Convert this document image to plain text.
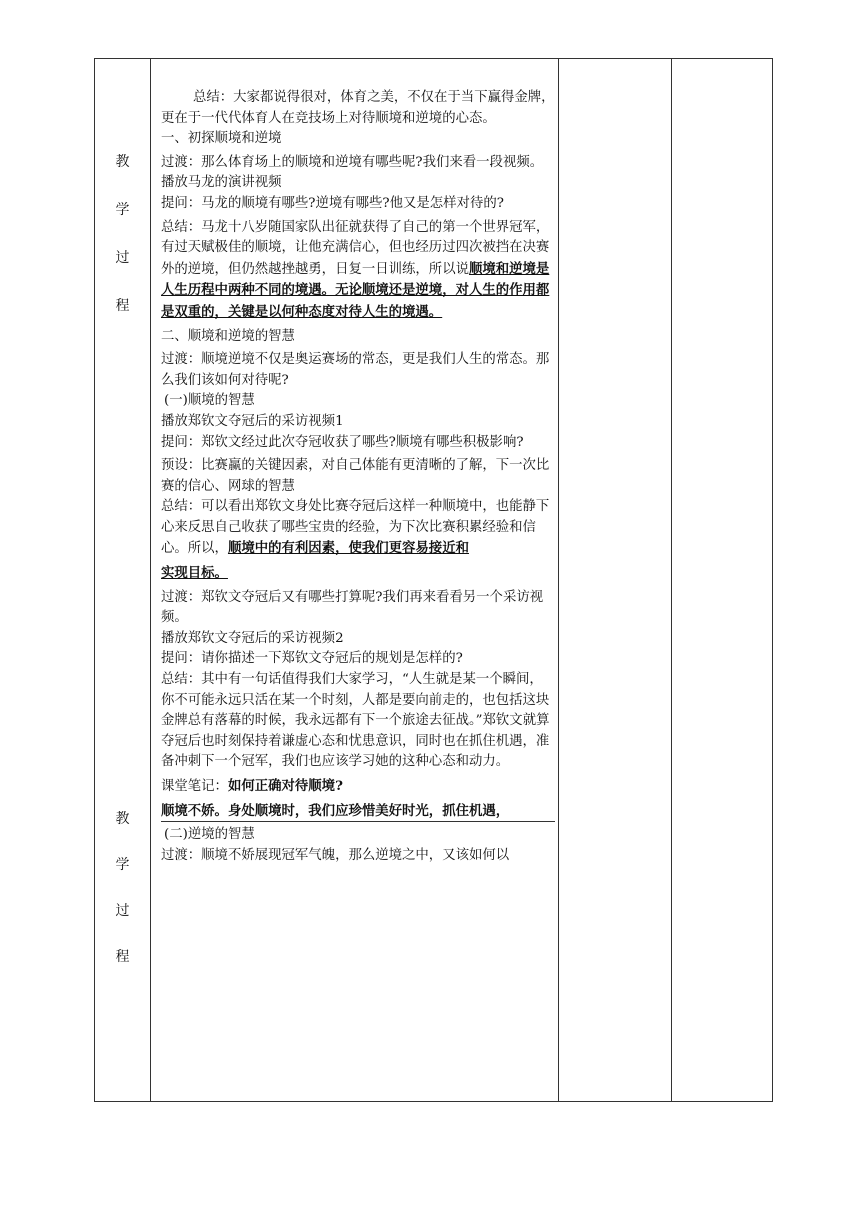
教
学
过
程
教
学
过
程

总结：大家都说得很对，体育之美，不仅在于当下赢得金牌，更在于一代代体育人在竞技场上对待顺境和逆境的心态。

一、初探顺境和逆境

过渡：那么体育场上的顺境和逆境有哪些呢?我们来看一段视频。

播放马龙的演讲视频

提问：马龙的顺境有哪些?逆境有哪些?他又是怎样对待的?

总结：马龙十八岁随国家队出征就获得了自己的第一个世界冠军，有过天赋极佳的顺境，让他充满信心，但也经历过四次被挡在决赛外的逆境，但仍然越挫越勇，日复一日训练，所以说顺境和逆境是人生历程中两种不同的境遇。无论顺境还是逆境，对人生的作用都是双重的，关键是以何种态度对待人生的境遇。

二、顺境和逆境的智慧

过渡：顺境逆境不仅是奥运赛场的常态，更是我们人生的常态。那么我们该如何对待呢?

(一)顺境的智慧

播放郑钦文夺冠后的采访视频1

提问：郑钦文经过此次夺冠收获了哪些?顺境有哪些积极影响?

预设：比赛赢的关键因素，对自己体能有更清晰的了解，下一次比赛的信心、网球的智慧

总结：可以看出郑钦文身处比赛夺冠后这样一种顺境中，也能静下心来反思自己收获了哪些宝贵的经验，为下次比赛积累经验和信心。所以，顺境中的有利因素，使我们更容易接近和

实现目标。

过渡：郑钦文夺冠后又有哪些打算呢?我们再来看看另一个采访视频。

播放郑钦文夺冠后的采访视频2

提问：请你描述一下郑钦文夺冠后的规划是怎样的?

总结：其中有一句话值得我们大家学习，“人生就是某一个瞬间，你不可能永远只活在某一个时刻，人都是要向前走的，也包括这块金牌总有落幕的时候，我永远都有下一个旅途去征战。”郑钦文就算夺冠后也时刻保持着谦虚心态和忧患意识，同时也在抓住机遇，准备冲刺下一个冠军，我们也应该学习她的这种心态和动力。

课堂笔记：如何正确对待顺境?

顺境不娇。身处顺境时，我们应珍惜美好时光，抓住机遇，

(二)逆境的智慧

过渡：顺境不娇展现冠军气魄，那么逆境之中，又该如何以
